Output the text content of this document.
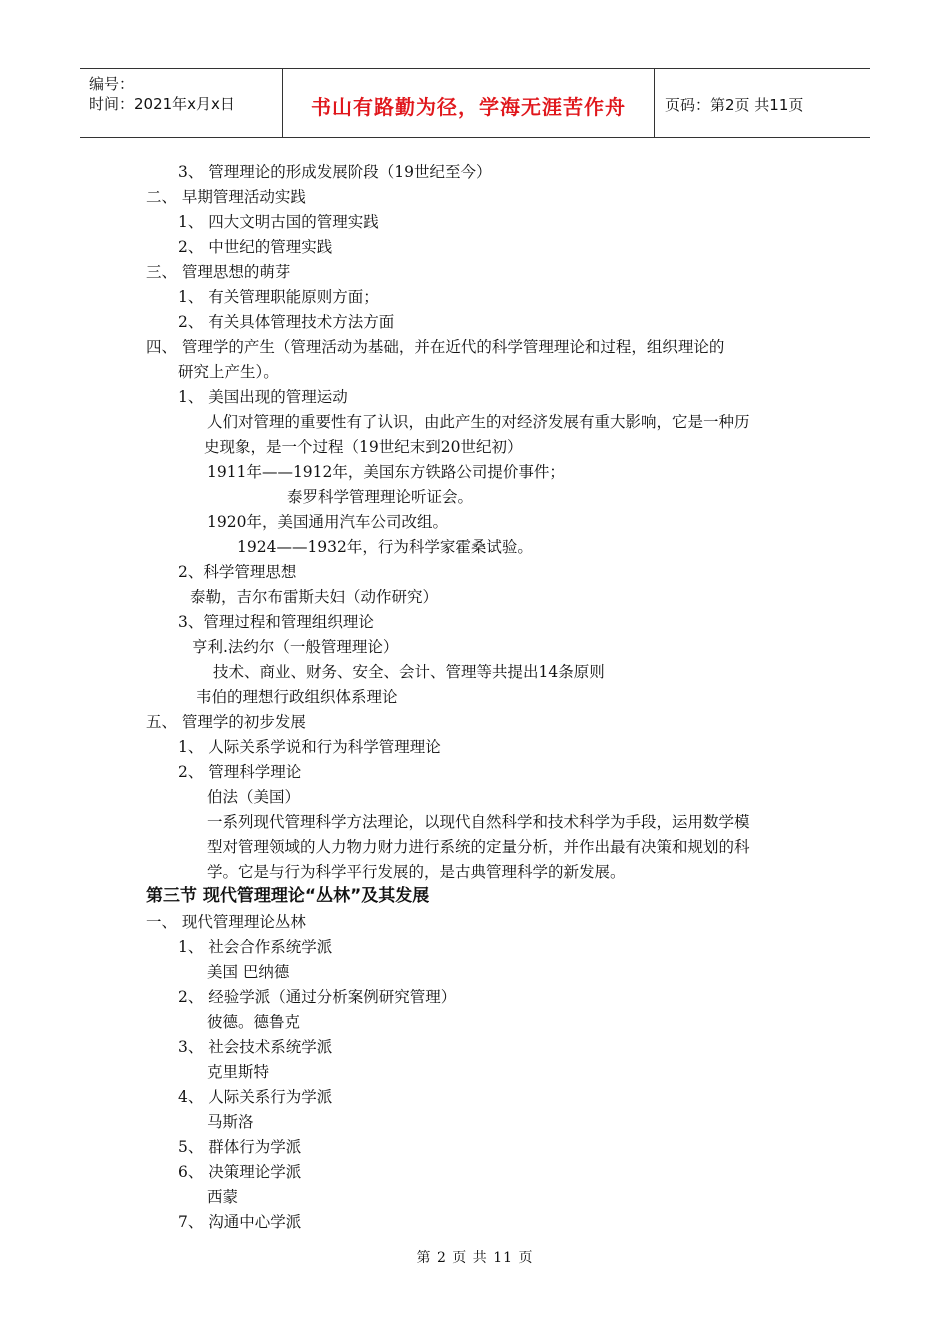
编号：
时间：2021年x月x日	书山有路勤为径，学海无涯苦作舟	页码：第2页 共11页
3、 管理理论的形成发展阶段（19世纪至今）
二、 早期管理活动实践
1、 四大文明古国的管理实践
2、 中世纪的管理实践
三、 管理思想的萌芽
1、 有关管理职能原则方面；
2、 有关具体管理技术方法方面
四、 管理学的产生（管理活动为基础，并在近代的科学管理理论和过程，组织理论的
研究上产生）。
1、 美国出现的管理运动
人们对管理的重要性有了认识，由此产生的对经济发展有重大影响，它是一种历
史现象，是一个过程（19世纪末到20世纪初）
1911年——1912年，美国东方铁路公司提价事件；
泰罗科学管理理论听证会。
1920年，美国通用汽车公司改组。
1924——1932年，行为科学家霍桑试验。
2、科学管理思想
泰勒，吉尔布雷斯夫妇（动作研究）
3、管理过程和管理组织理论
亨利.法约尔（一般管理理论）
技术、商业、财务、安全、会计、管理等共提出14条原则
韦伯的理想行政组织体系理论
五、 管理学的初步发展
1、 人际关系学说和行为科学管理理论
2、 管理科学理论
伯法（美国）
一系列现代管理科学方法理论，以现代自然科学和技术科学为手段，运用数学模
型对管理领域的人力物力财力进行系统的定量分析，并作出最有决策和规划的科
学。它是与行为科学平行发展的，是古典管理科学的新发展。
第三节 现代管理理论“丛林”及其发展
一、 现代管理理论丛林
1、 社会合作系统学派
美国 巴纳德
2、 经验学派（通过分析案例研究管理）
彼德。德鲁克
3、 社会技术系统学派
克里斯特
4、 人际关系行为学派
马斯洛
5、 群体行为学派
6、 决策理论学派
西蒙
7、 沟通中心学派
第 2 页 共 11 页
